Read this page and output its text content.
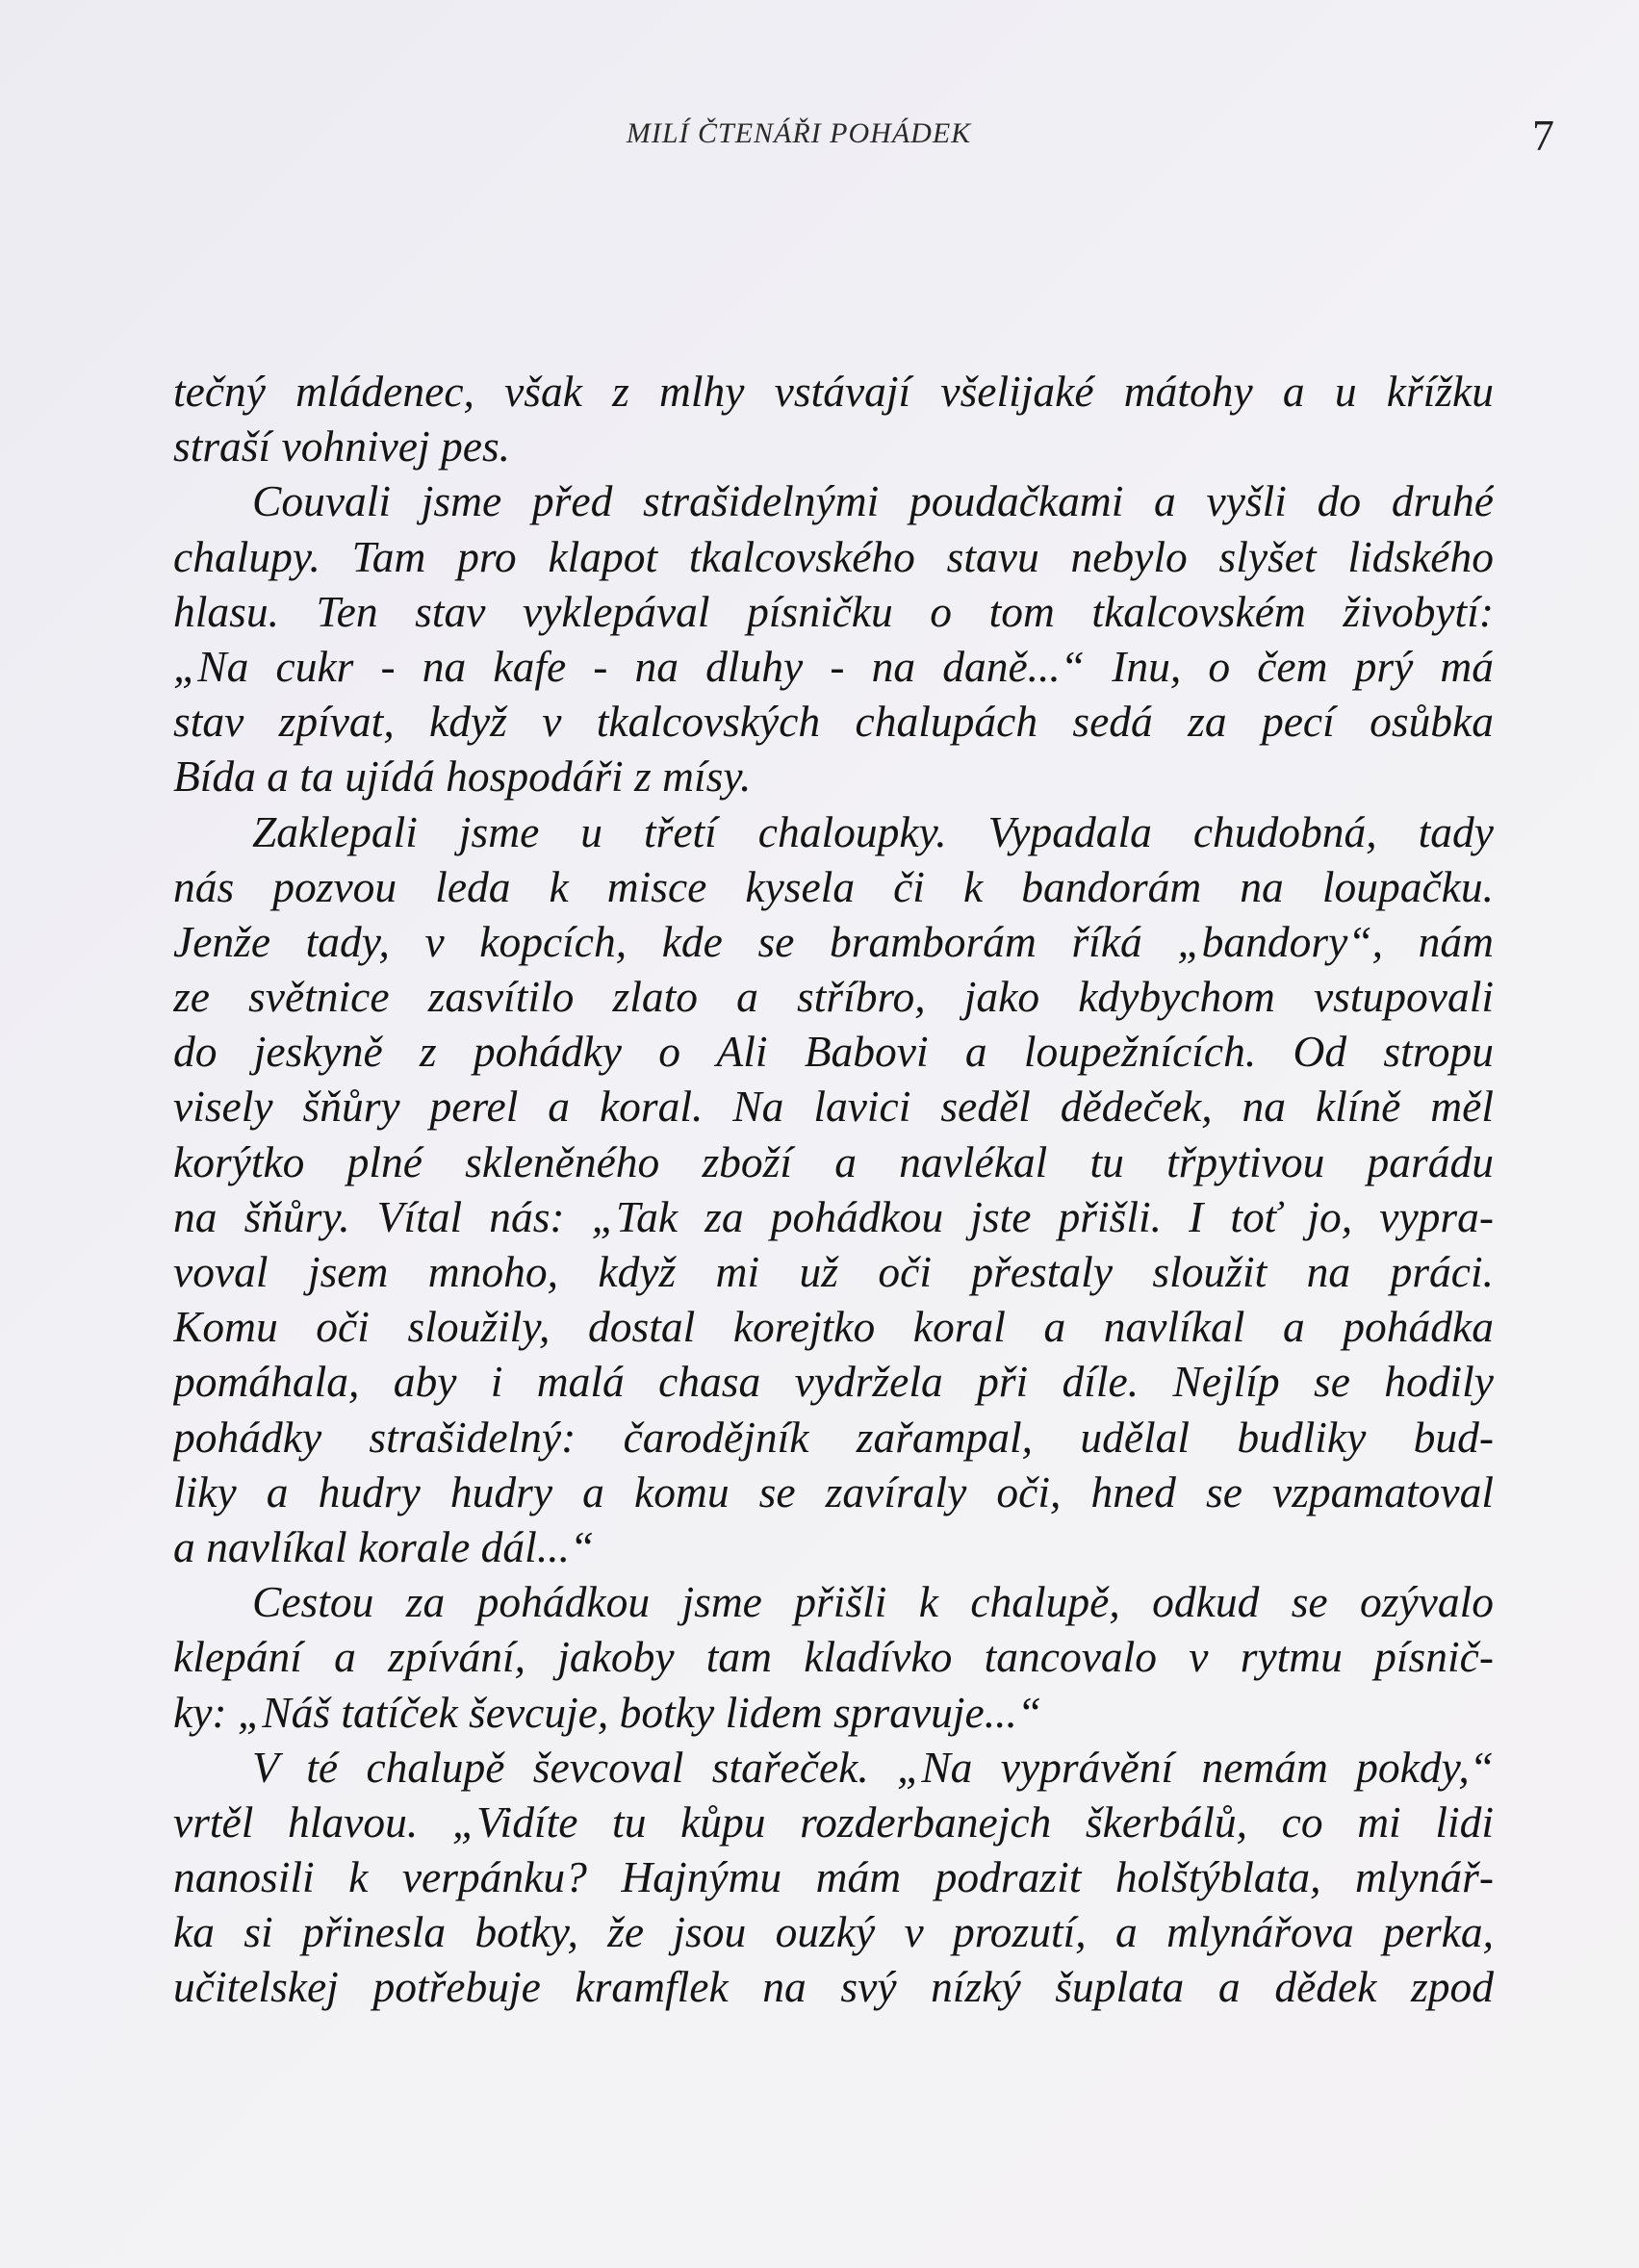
MILÍ ČTENÁŘI POHÁDEK	7
tečný mládenec, však z mlhy vstávají všelijaké mátohy a u křížku
straší vohnivej pes.
Couvali jsme před strašidelnými poudačkami a vyšli do druhé
chalupy. Tam pro klapot tkalcovského stavu nebylo slyšet lidského
hlasu. Ten stav vyklepával písničku o tom tkalcovském živobytí:
„Na cukr - na kafe - na dluhy - na daně...“ Inu, o čem prý má
stav zpívat, když v tkalcovských chalupách sedá za pecí osůbka
Bída a ta ujídá hospodáři z mísy.
Zaklepali jsme u třetí chaloupky. Vypadala chudobná, tady
nás pozvou leda k misce kysela či k bandorám na loupačku.
Jenže tady, v kopcích, kde se bramborám říká „bandory“, nám
ze světnice zasvítilo zlato a stříbro, jako kdybychom vstupovali
do jeskyně z pohádky o Ali Babovi a loupežnících. Od stropu
visely šňůry perel a koral. Na lavici seděl dědeček, na klíně měl
korýtko plné skleněného zboží a navlékal tu třpytivou parádu
na šňůry. Vítal nás: „Tak za pohádkou jste přišli. I toť jo, vypra-
voval jsem mnoho, když mi už oči přestaly sloužit na práci.
Komu oči sloužily, dostal korejtko koral a navlíkal a pohádka
pomáhala, aby i malá chasa vydržela při díle. Nejlíp se hodily
pohádky strašidelný: čarodějník zařampal, udělal budliky bud-
liky a hudry hudry a komu se zavíraly oči, hned se vzpamatoval
a navlíkal korale dál...“
Cestou za pohádkou jsme přišli k chalupě, odkud se ozývalo
klepání a zpívání, jakoby tam kladívko tancovalo v rytmu písnič-
ky: „Náš tatíček ševcuje, botky lidem spravuje...“
V té chalupě ševcoval stařeček. „Na vyprávění nemám pokdy,“
vrtěl hlavou. „Vidíte tu kůpu rozderbanejch škerbálů, co mi lidi
nanosili k verpánku? Hajnýmu mám podrazit holštýblata, mlynář-
ka si přinesla botky, že jsou ouzký v prozutí, a mlynářova perka,
učitelskej potřebuje kramflek na svý nízký šuplata a dědek zpod
